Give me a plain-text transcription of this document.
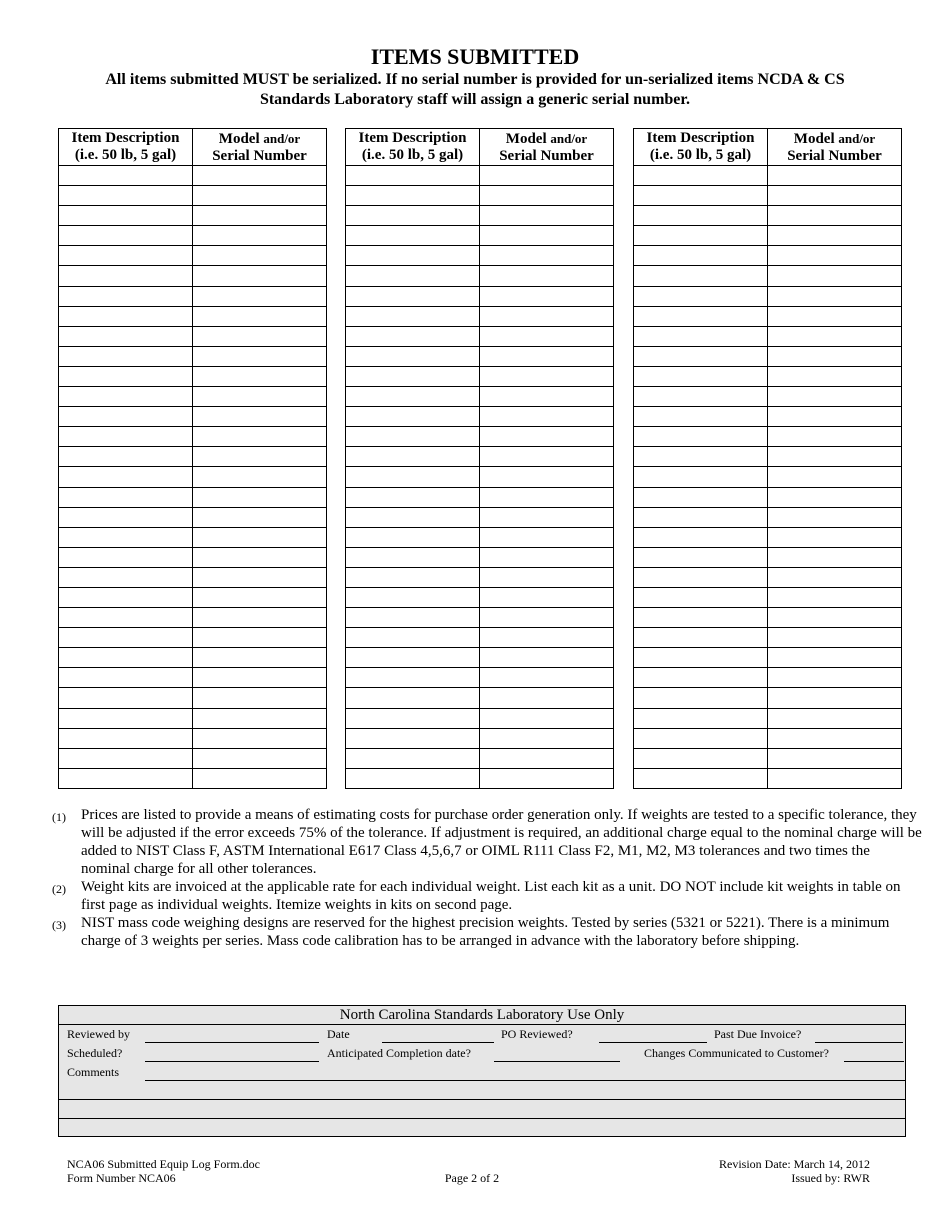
ITEMS SUBMITTED
All items submitted MUST be serialized. If no serial number is provided for un-serialized items NCDA & CS Standards Laboratory staff will assign a generic serial number.
Item Description
(i.e. 50 lb, 5 gal)	Model and/or
Serial Number

Item Description
(i.e. 50 lb, 5 gal)	Model and/or
Serial Number

Item Description
(i.e. 50 lb, 5 gal)	Model and/or
Serial Number

(1)	Prices are listed to provide a means of estimating costs for purchase order generation only. If weights are tested to a specific tolerance, they will be adjusted if the error exceeds 75% of the tolerance. If adjustment is required, an additional charge equal to the nominal charge will be added to NIST Class F, ASTM International E617 Class 4,5,6,7 or OIML R111 Class F2, M1, M2, M3 tolerances and two times the nominal charge for all other tolerances.
(2)	Weight kits are invoiced at the applicable rate for each individual weight. List each kit as a unit. DO NOT include kit weights in table on first page as individual weights. Itemize weights in kits on second page.
(3)	NIST mass code weighing designs are reserved for the highest precision weights. Tested by series (5321 or 5221). There is a minimum charge of 3 weights per series. Mass code calibration has to be arranged in advance with the laboratory before shipping.
North Carolina Standards Laboratory Use Only
Reviewed by	Date	PO Reviewed?	Past Due Invoice?
Scheduled?	Anticipated Completion date?	Changes Communicated to Customer?
Comments
NCA06 Submitted Equip Log Form.doc
Form Number NCA06	Page 2 of 2
Revision Date: March 14, 2012
Issued by: RWR
